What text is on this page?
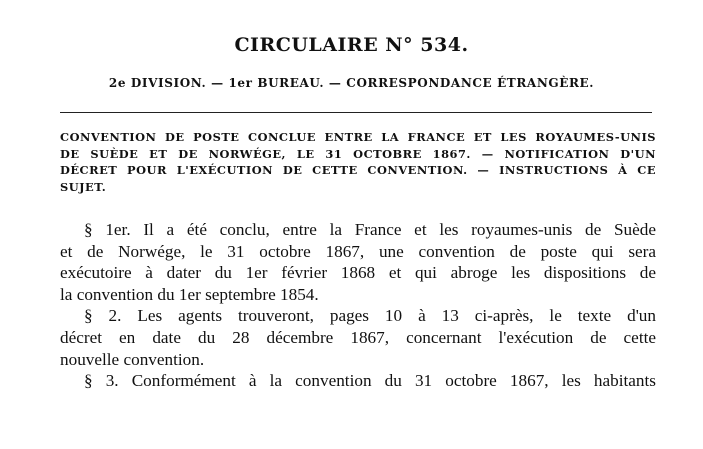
CIRCULAIRE N° 534.
2e DIVISION. — 1er BUREAU. — CORRESPONDANCE ÉTRANGÈRE.
CONVENTION DE POSTE CONCLUE ENTRE LA FRANCE ET LES ROYAUMES-UNIS
DE SUÈDE ET DE NORWÉGE, LE 31 OCTOBRE 1867. — NOTIFICATION D'UN
DÉCRET POUR L'EXÉCUTION DE CETTE CONVENTION. — INSTRUCTIONS À CE
SUJET.
§ 1er. Il a été conclu, entre la France et les royaumes-unis de Suède
et de Norwége, le 31 octobre 1867, une convention de poste qui sera
exécutoire à dater du 1er février 1868 et qui abroge les dispositions de
la convention du 1er septembre 1854.
§ 2. Les agents trouveront, pages 10 à 13 ci-après, le texte d'un
décret en date du 28 décembre 1867, concernant l'exécution de cette
nouvelle convention.
§ 3. Conformément à la convention du 31 octobre 1867, les habitants
